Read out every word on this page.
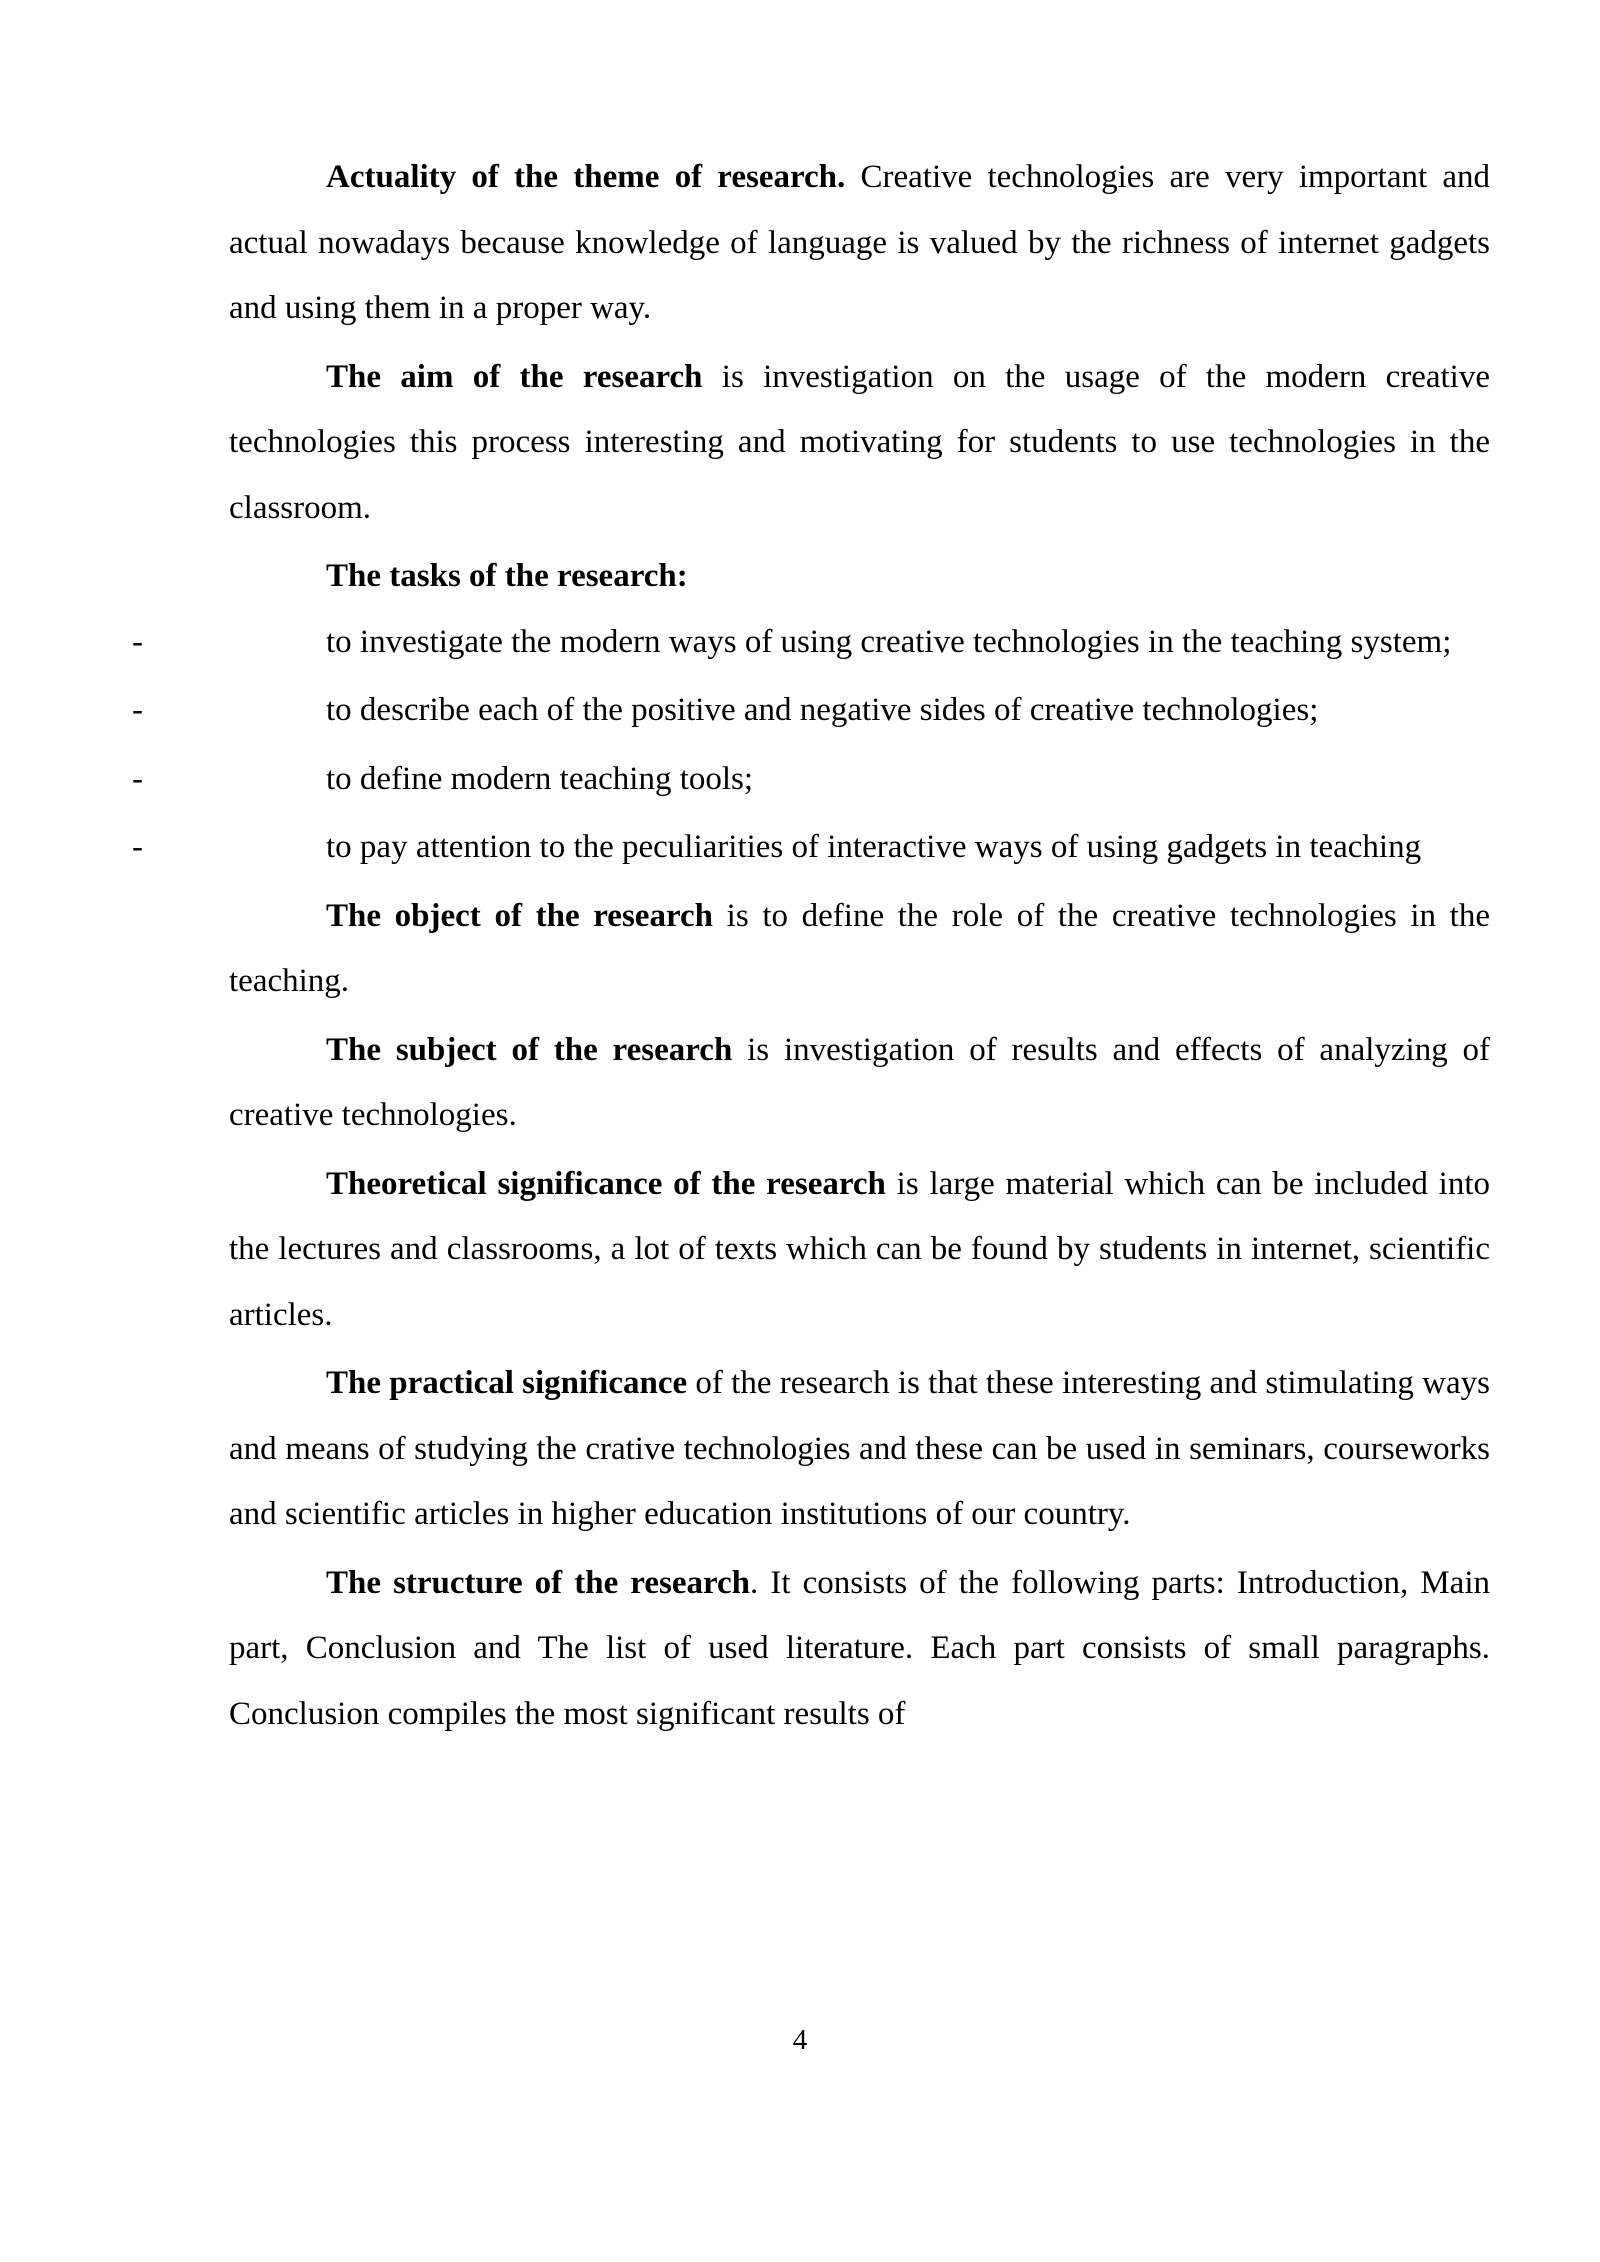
Actuality of the theme of research. Creative technologies are very important and actual nowadays because knowledge of language is valued by the richness of internet gadgets and using them in a proper way.

The aim of the research is investigation on the usage of the modern creative technologies this process interesting and motivating for students to use technologies in the classroom.

The tasks of the research:

-	to investigate the modern ways of using creative technologies in the teaching system;
-	to describe each of the positive and negative sides of creative technologies;
-	to define modern teaching tools;
-	to pay attention to the peculiarities of interactive ways of using gadgets in teaching

The object of the research is to define the role of the creative technologies in the teaching.

The subject of the research is investigation of results and effects of analyzing of creative technologies.

Theoretical significance of the research is large material which can be included into the lectures and classrooms, a lot of texts which can be found by students in internet, scientific articles.

The practical significance of the research is that these interesting and stimulating ways and means of studying the crative technologies and these can be used in seminars, courseworks and scientific articles in higher education institutions of our country.

The structure of the research. It consists of the following parts: Introduction, Main part, Conclusion and The list of used literature. Each part consists of small paragraphs. Conclusion compiles the most significant results of

4
